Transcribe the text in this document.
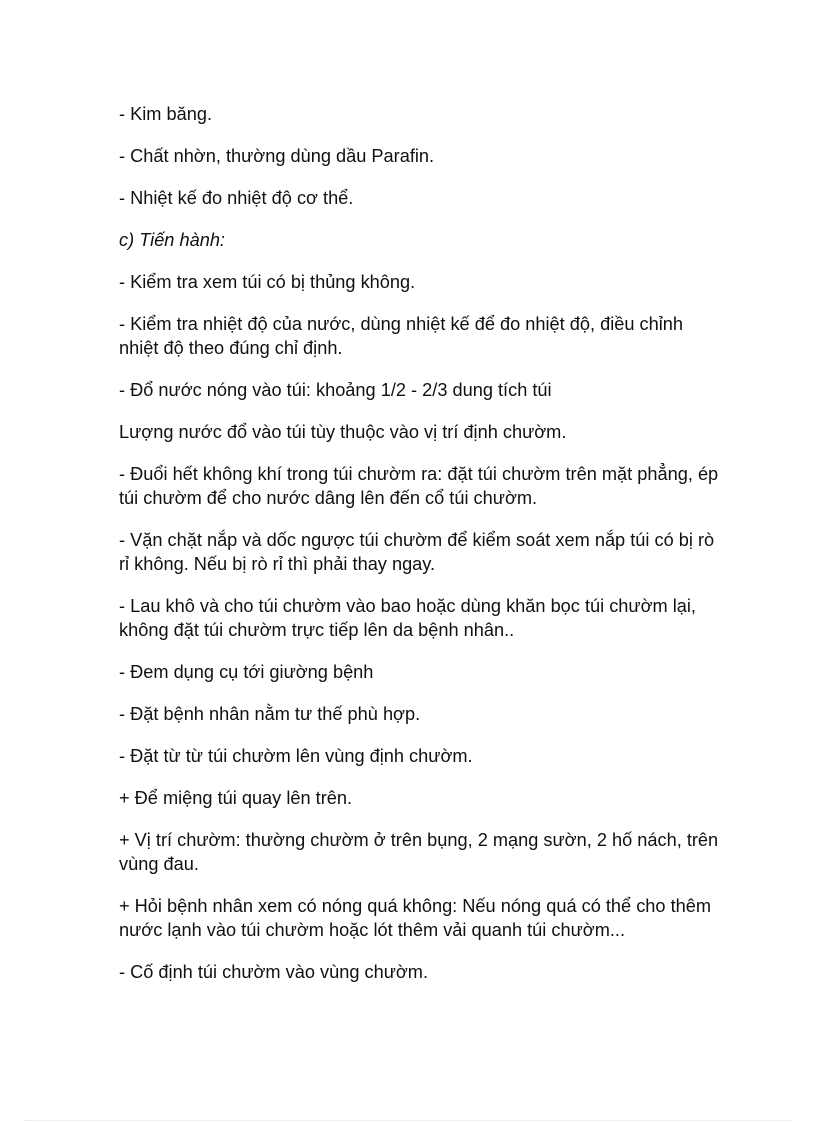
- Kim băng.

- Chất nhờn, thường dùng dầu Parafin.

- Nhiệt kế đo nhiệt độ cơ thể.

c) Tiến hành:

- Kiểm tra xem túi có bị thủng không.

- Kiểm tra nhiệt độ của nước, dùng nhiệt kế để đo nhiệt độ, điều chỉnh nhiệt độ theo đúng chỉ định.

- Đổ nước nóng vào túi: khoảng 1/2 - 2/3 dung tích túi

Lượng nước đổ vào túi tùy thuộc vào vị trí định chườm.

- Đuổi hết không khí trong túi chườm ra: đặt túi chườm trên mặt phẳng, ép túi chườm để cho nước dâng lên đến cổ túi chườm.

- Vặn chặt nắp và dốc ngược túi chườm để kiểm soát xem nắp túi có bị rò rỉ không. Nếu bị rò rỉ thì phải thay ngay.

- Lau khô và cho túi chườm vào bao hoặc dùng khăn bọc túi chườm lại, không đặt túi chườm trực tiếp lên da bệnh nhân..

- Đem dụng cụ tới giường bệnh

- Đặt bệnh nhân nằm tư thế phù hợp.

- Đặt từ từ túi chườm lên vùng định chườm.

+ Để miệng túi quay lên trên.

+ Vị trí chườm: thường chườm ở trên bụng, 2 mạng sườn, 2 hố nách, trên vùng đau.

+ Hỏi bệnh nhân xem có nóng quá không: Nếu nóng quá có thể cho thêm nước lạnh vào túi chườm hoặc lót thêm vải quanh túi chườm...

- Cố định túi chườm vào vùng chườm.
